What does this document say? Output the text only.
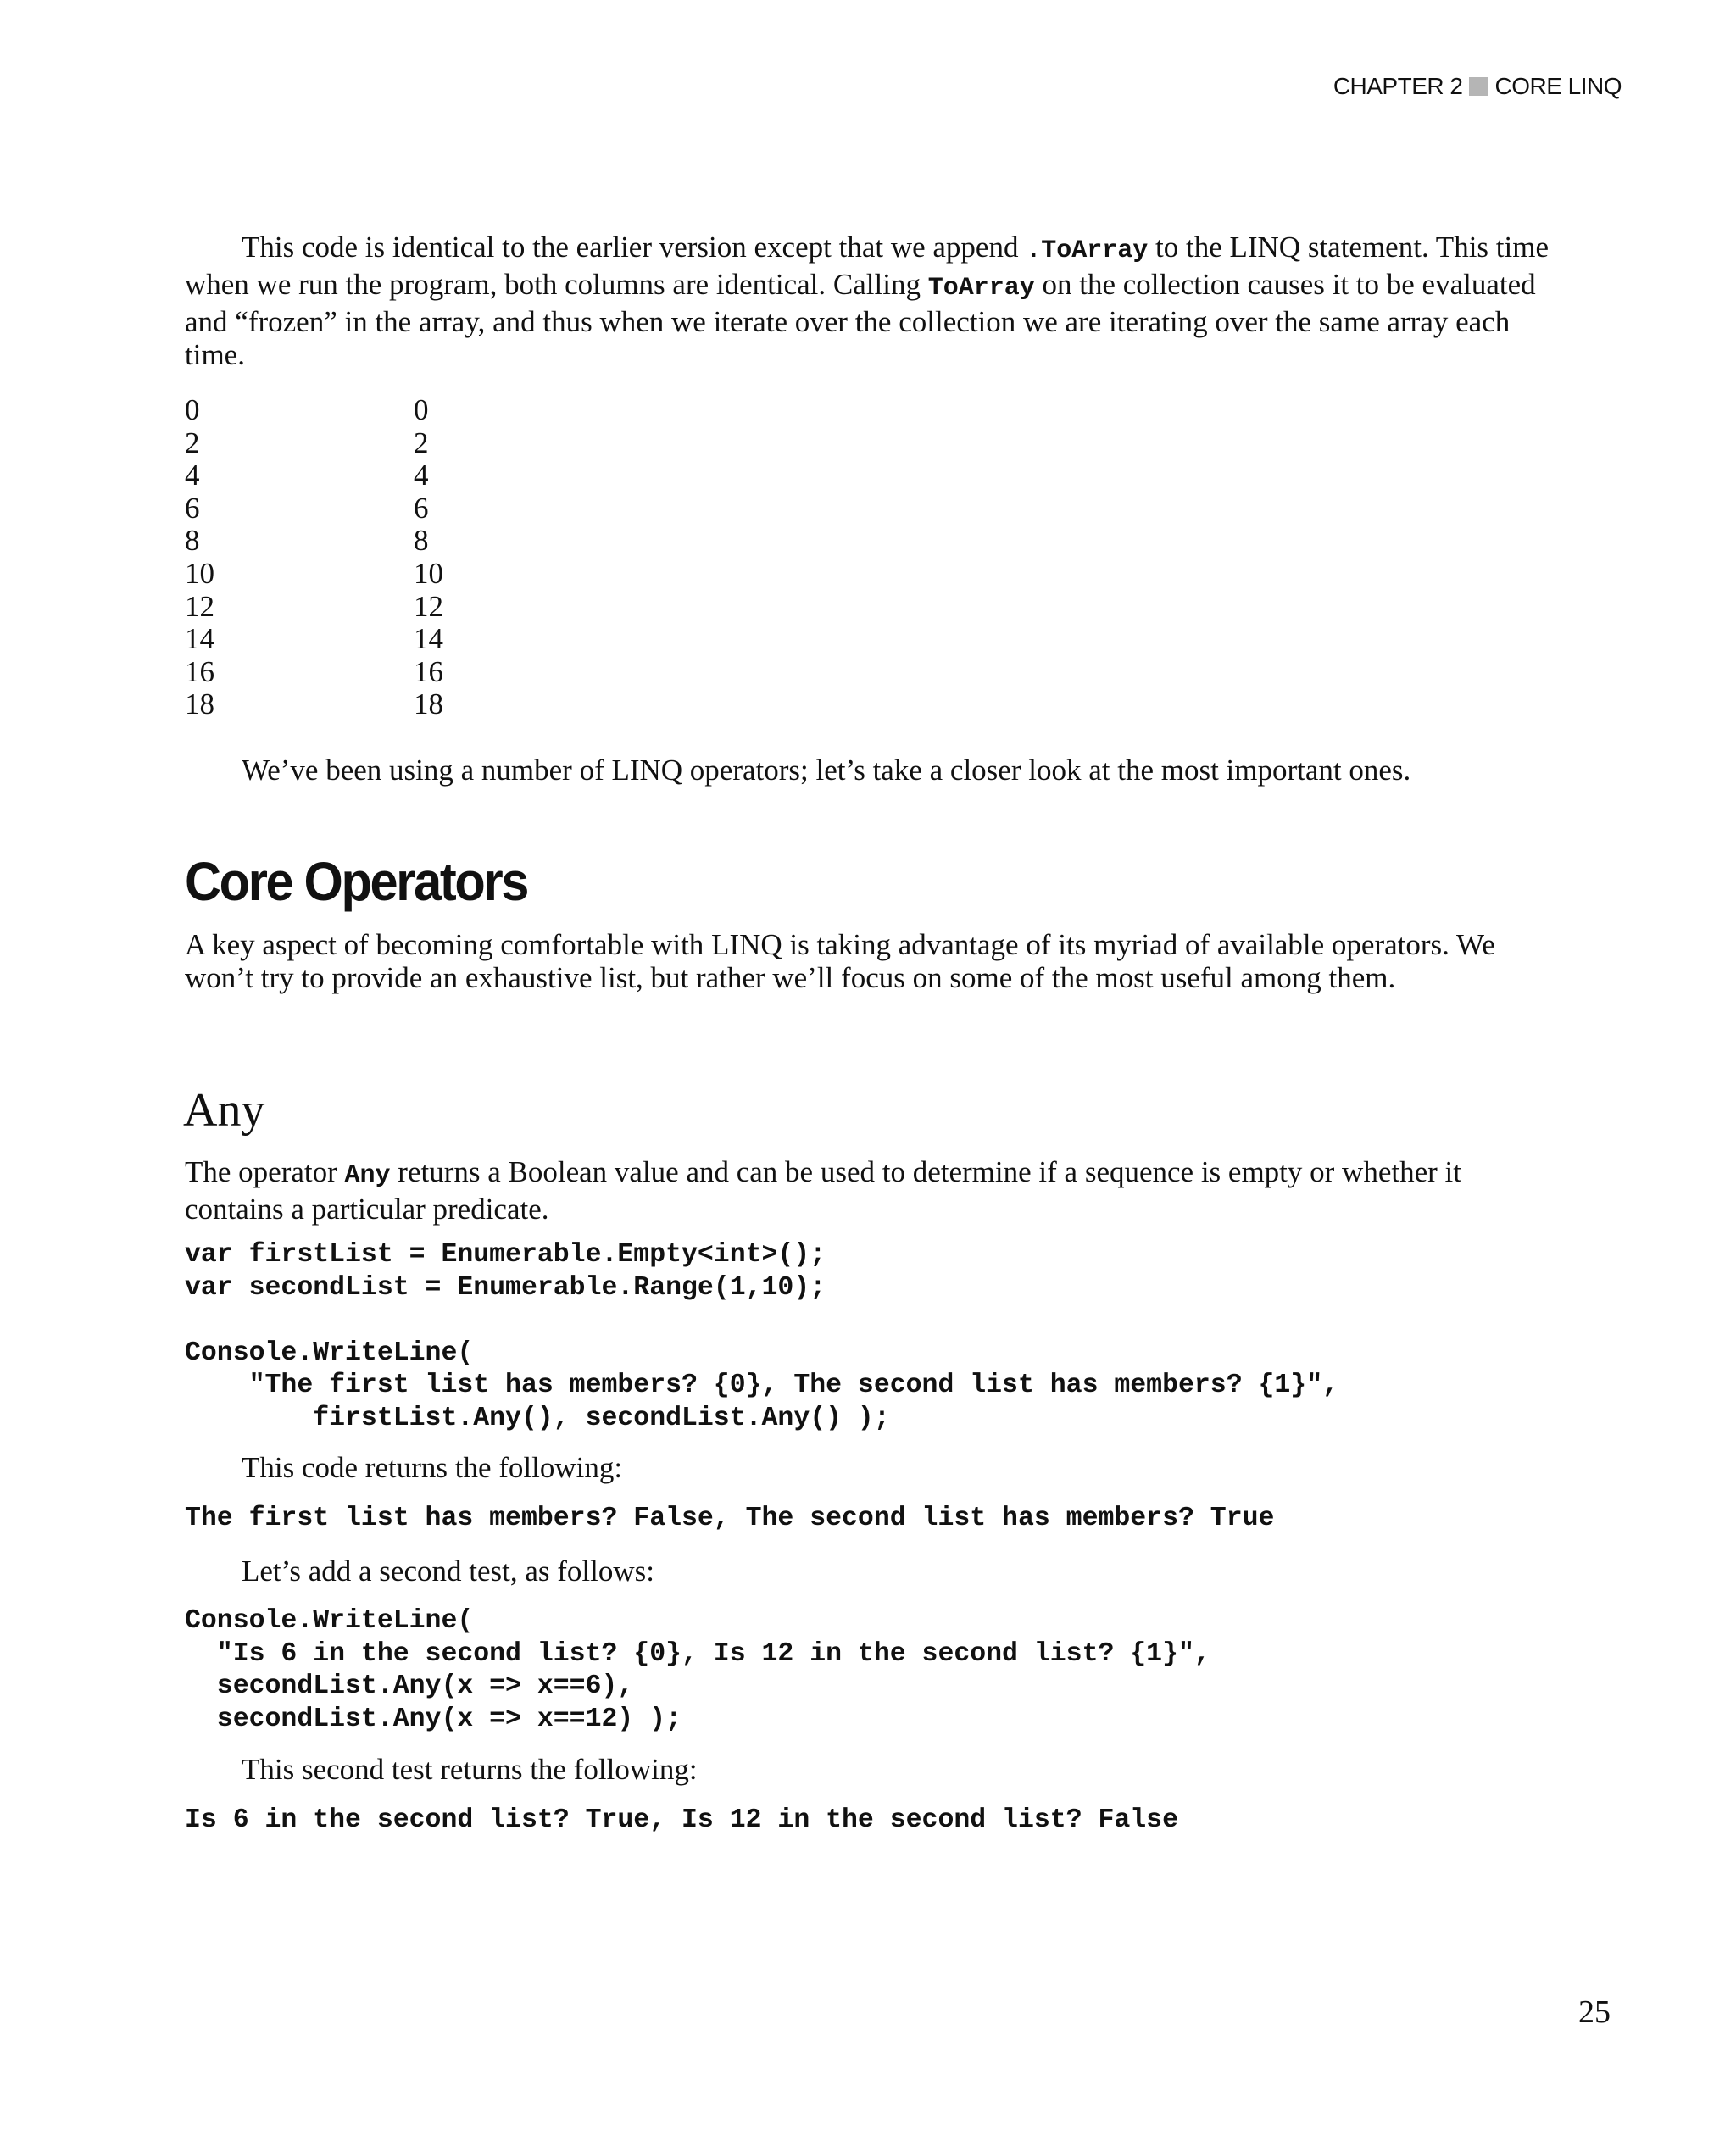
CHAPTER 2 CORE LINQ

This code is identical to the earlier version except that we append .ToArray to the LINQ statement. This time when we run the program, both columns are identical. Calling ToArray on the collection causes it to be evaluated and “frozen” in the array, and thus when we iterate over the collection we are iterating over the same array each time.

0
2
4
6
8
10
12
14
16
18
0
2
4
6
8
10
12
14
16
18

We’ve been using a number of LINQ operators; let’s take a closer look at the most important ones.

Core Operators

A key aspect of becoming comfortable with LINQ is taking advantage of its myriad of available operators. We won’t try to provide an exhaustive list, but rather we’ll focus on some of the most useful among them.

Any

The operator Any returns a Boolean value and can be used to determine if a sequence is empty or whether it contains a particular predicate.

var firstList = Enumerable.Empty<int>();
var secondList = Enumerable.Range(1,10);

Console.WriteLine(
"The first list has members? {0}, The second list has members? {1}",
firstList.Any(), secondList.Any() );

This code returns the following:

The first list has members? False, The second list has members? True

Let’s add a second test, as follows:

Console.WriteLine(
"Is 6 in the second list? {0}, Is 12 in the second list? {1}",
secondList.Any(x => x==6),
secondList.Any(x => x==12) );

This second test returns the following:

Is 6 in the second list? True, Is 12 in the second list? False
25
